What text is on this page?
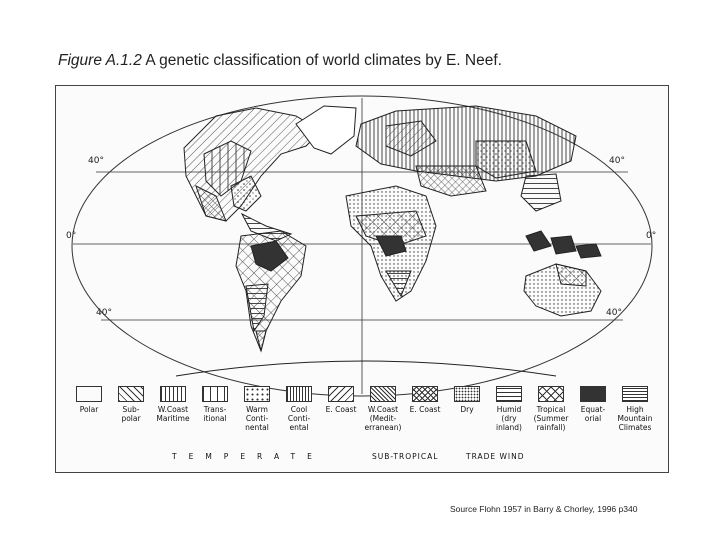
Figure A.1.2 A genetic classification of world climates by E. Neef.
40°	40°
0°	0°
40°	40°
Polar	Sub-
polar
W.Coast
Maritime
Trans-
itional
Warm
Conti-
nental
Cool
Conti-
ental
E. Coast	W.Coast
(Medit-
erranean)
E. Coast	Dry	Humid
(dry
inland)
Tropical
(Summer
rainfall)
Equat-
orial
High
Mountain
Climates
TEMPERATE	SUB-TROPICAL	TRADE WIND
Source Flohn 1957 in Barry & Chorley, 1996 p340
